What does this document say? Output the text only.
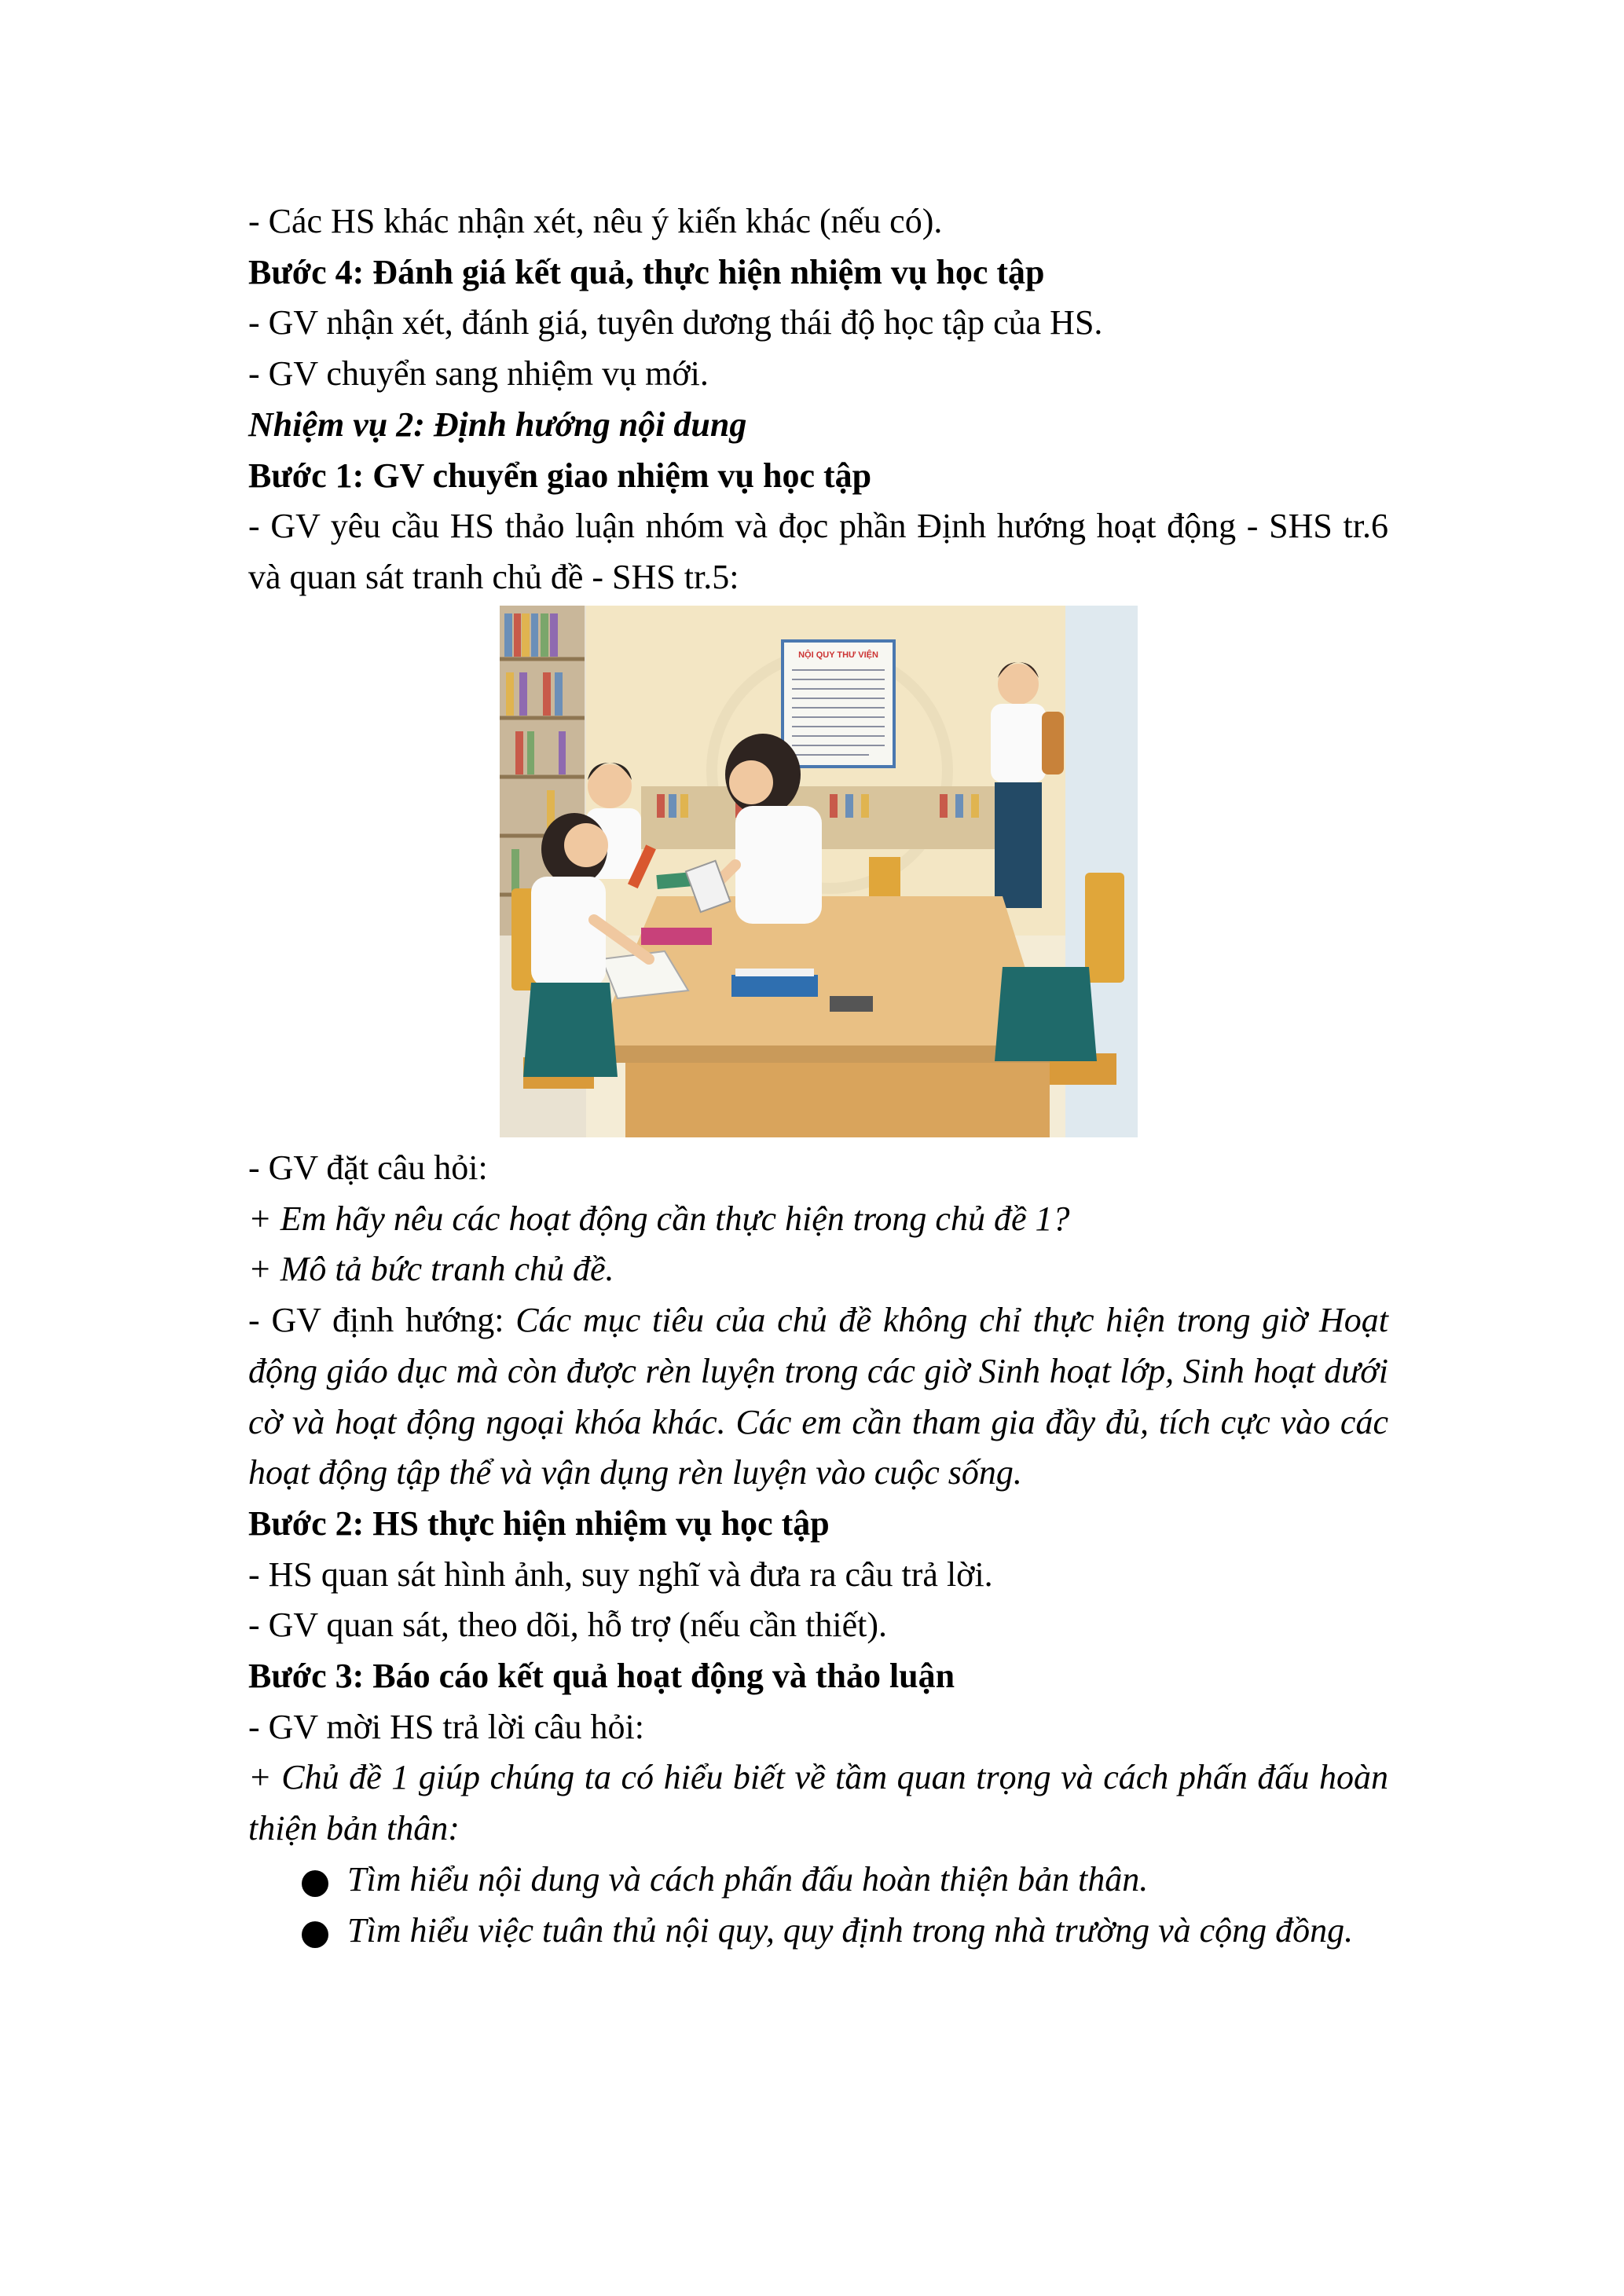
- Các HS khác nhận xét, nêu ý kiến khác (nếu có).

Bước 4: Đánh giá kết quả, thực hiện nhiệm vụ học tập

- GV nhận xét, đánh giá, tuyên dương thái độ học tập của HS.

- GV chuyển sang nhiệm vụ mới.

Nhiệm vụ 2: Định hướng nội dung

Bước 1: GV chuyển giao nhiệm vụ học tập

- GV yêu cầu HS thảo luận nhóm và đọc phần Định hướng hoạt động - SHS tr.6 và quan sát tranh chủ đề - SHS tr.5:

NỘI QUY THƯ VIỆN

- GV đặt câu hỏi:

+ Em hãy nêu các hoạt động cần thực hiện trong chủ đề 1?

+ Mô tả bức tranh chủ đề.

- GV định hướng: Các mục tiêu của chủ đề không chỉ thực hiện trong giờ Hoạt động giáo dục mà còn được rèn luyện trong các giờ Sinh hoạt lớp, Sinh hoạt dưới cờ và hoạt động ngoại khóa khác. Các em cần tham gia đầy đủ, tích cực vào các hoạt động tập thể và vận dụng rèn luyện vào cuộc sống.

Bước 2: HS thực hiện nhiệm vụ học tập

- HS quan sát hình ảnh, suy nghĩ và đưa ra câu trả lời.

- GV quan sát, theo dõi, hỗ trợ (nếu cần thiết).

Bước 3: Báo cáo kết quả hoạt động và thảo luận

- GV mời HS trả lời câu hỏi:

+ Chủ đề 1 giúp chúng ta có hiểu biết về tầm quan trọng và cách phấn đấu hoàn thiện bản thân:

Tìm hiểu nội dung và cách phấn đấu hoàn thiện bản thân.
Tìm hiểu việc tuân thủ nội quy, quy định trong nhà trường và cộng đồng.
